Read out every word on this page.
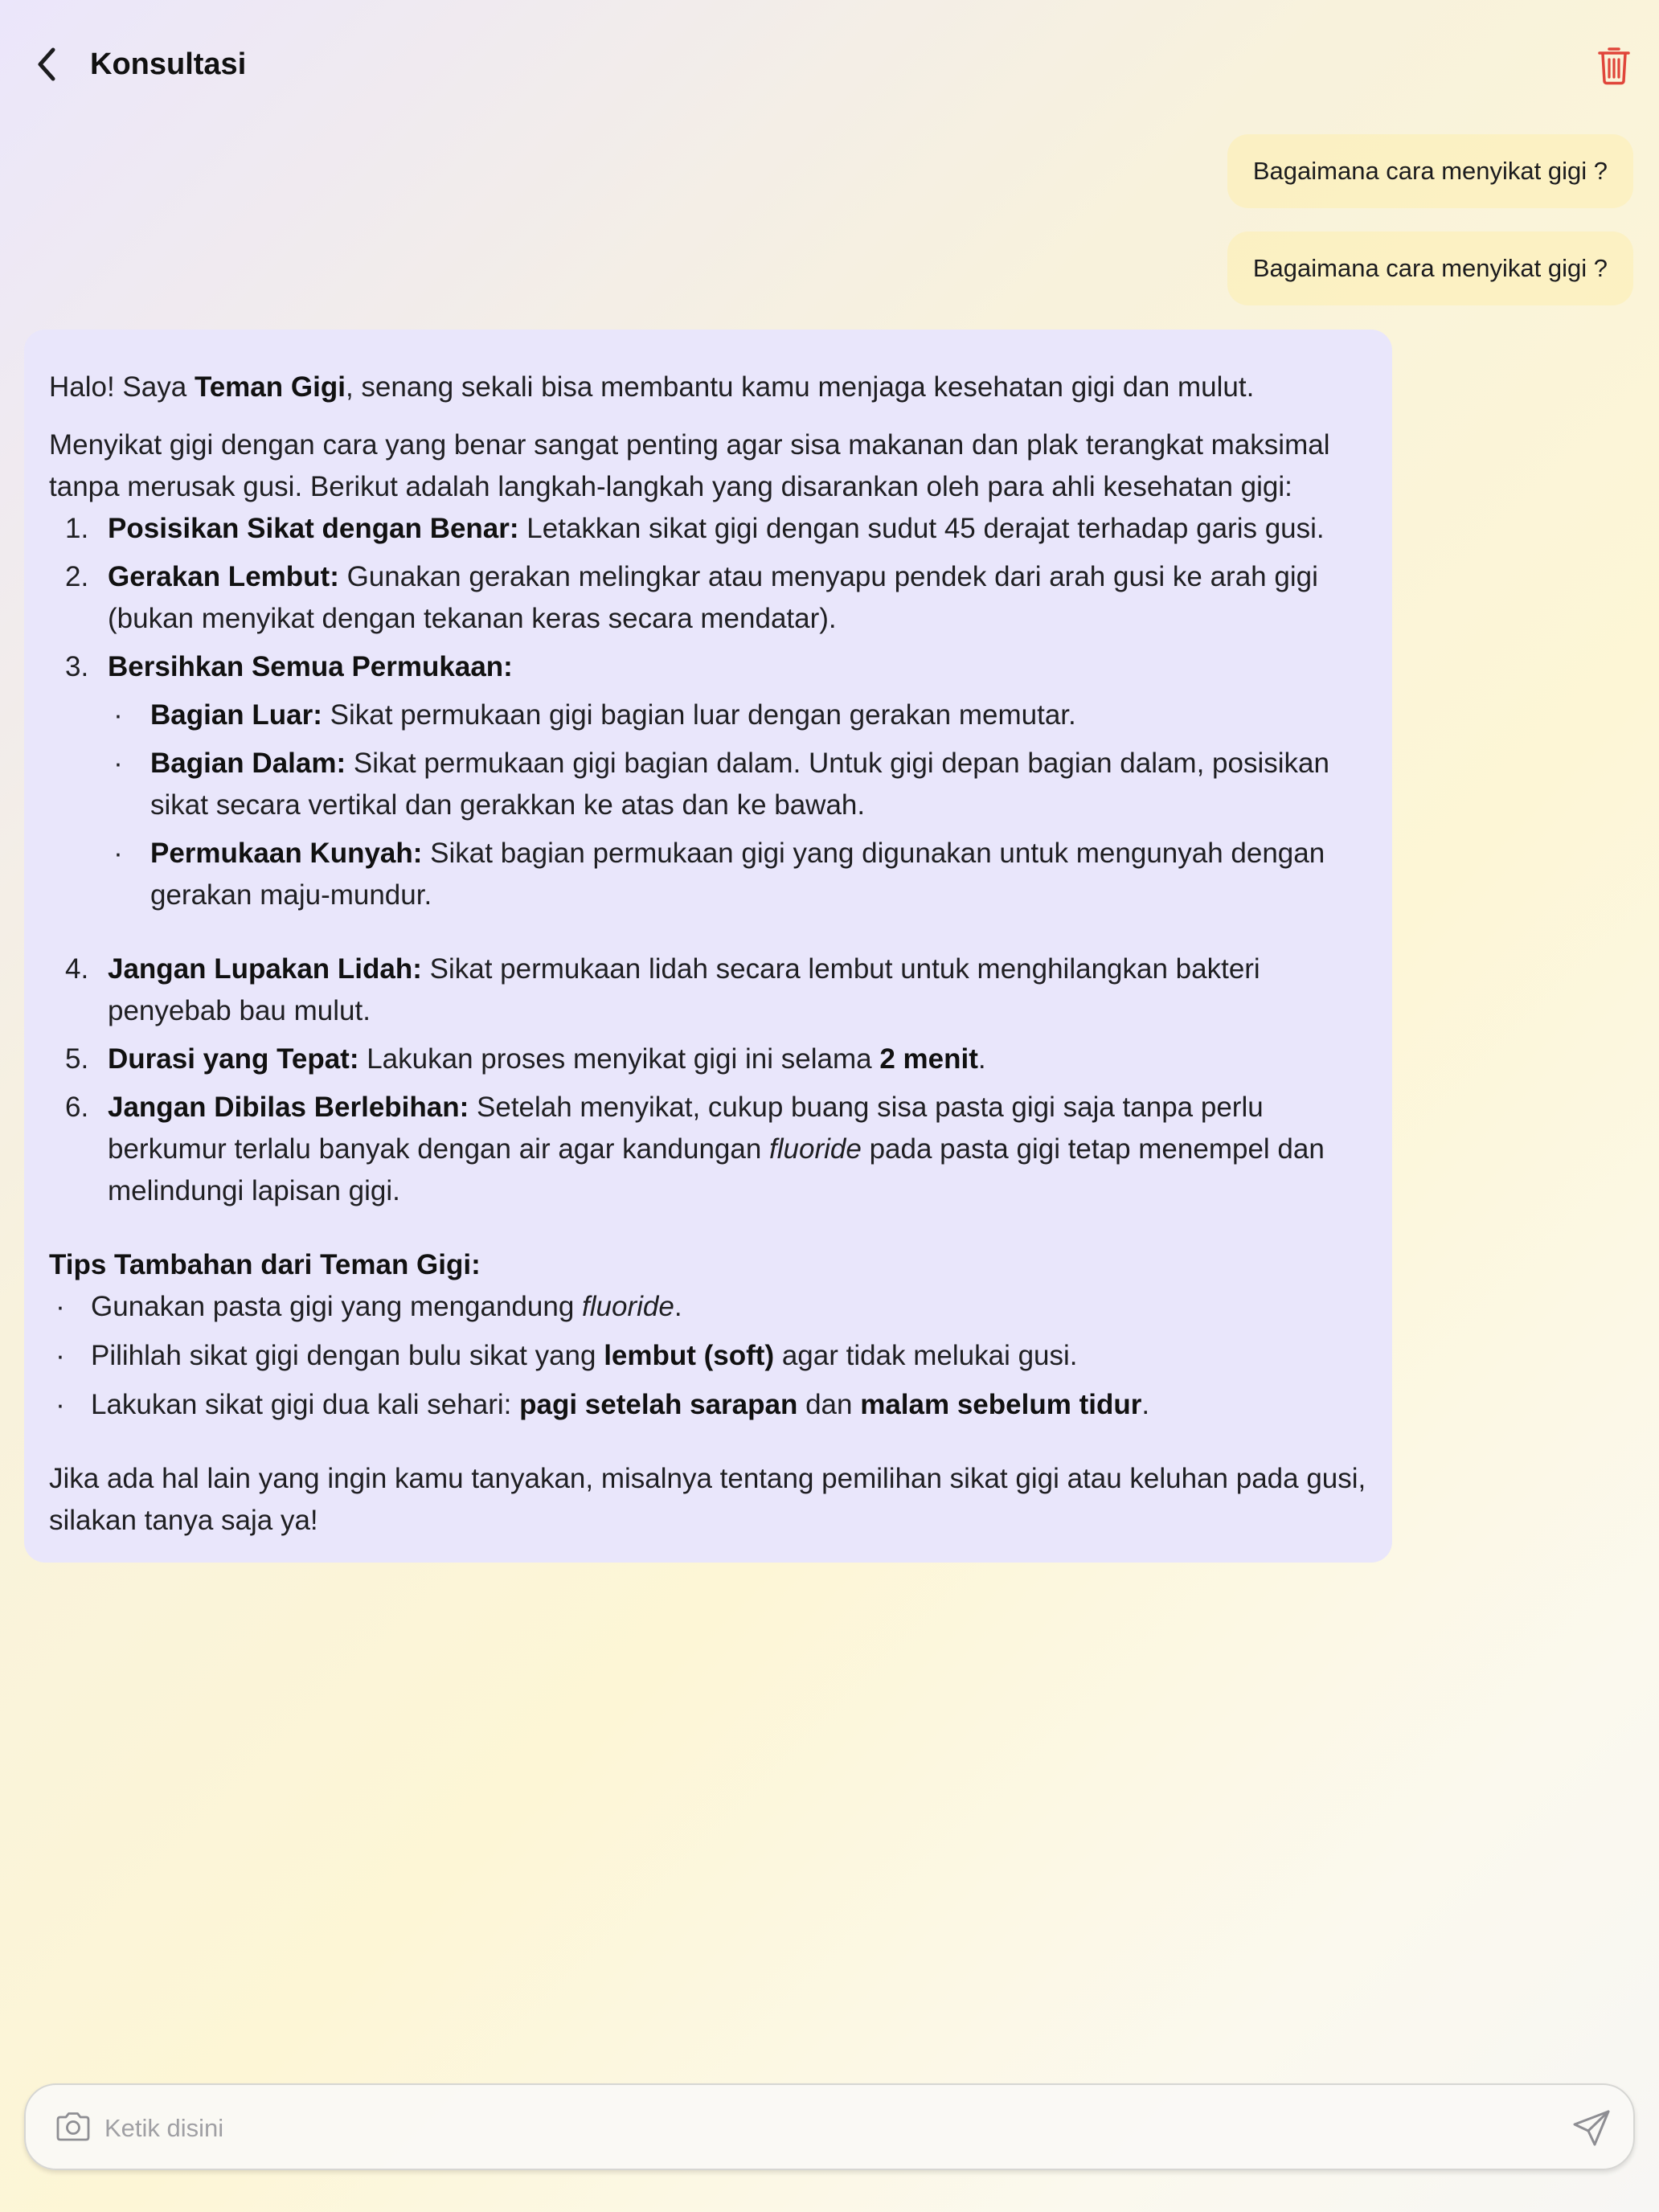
Konsultasi
Bagaimana cara menyikat gigi ?
Bagaimana cara menyikat gigi ?

Halo! Saya Teman Gigi, senang sekali bisa membantu kamu menjaga kesehatan gigi dan mulut.

Menyikat gigi dengan cara yang benar sangat penting agar sisa makanan dan plak terangkat maksimal tanpa merusak gusi. Berikut adalah langkah-langkah yang disarankan oleh para ahli kesehatan gigi:

1. Posisikan Sikat dengan Benar: Letakkan sikat gigi dengan sudut 45 derajat terhadap garis gusi.
2. Gerakan Lembut: Gunakan gerakan melingkar atau menyapu pendek dari arah gusi ke arah gigi (bukan menyikat dengan tekanan keras secara mendatar).
3. Bersihkan Semua Permukaan:
· Bagian Luar: Sikat permukaan gigi bagian luar dengan gerakan memutar.
· Bagian Dalam: Sikat permukaan gigi bagian dalam. Untuk gigi depan bagian dalam, posisikan sikat secara vertikal dan gerakkan ke atas dan ke bawah.
· Permukaan Kunyah: Sikat bagian permukaan gigi yang digunakan untuk mengunyah dengan gerakan maju-mundur.
4. Jangan Lupakan Lidah: Sikat permukaan lidah secara lembut untuk menghilangkan bakteri penyebab bau mulut.
5. Durasi yang Tepat: Lakukan proses menyikat gigi ini selama 2 menit.
6. Jangan Dibilas Berlebihan: Setelah menyikat, cukup buang sisa pasta gigi saja tanpa perlu berkumur terlalu banyak dengan air agar kandungan fluoride pada pasta gigi tetap menempel dan melindungi lapisan gigi.

Tips Tambahan dari Teman Gigi:

· Gunakan pasta gigi yang mengandung fluoride.
· Pilihlah sikat gigi dengan bulu sikat yang lembut (soft) agar tidak melukai gusi.
· Lakukan sikat gigi dua kali sehari: pagi setelah sarapan dan malam sebelum tidur.

Jika ada hal lain yang ingin kamu tanyakan, misalnya tentang pemilihan sikat gigi atau keluhan pada gusi, silakan tanya saja ya!

Ketik disini
